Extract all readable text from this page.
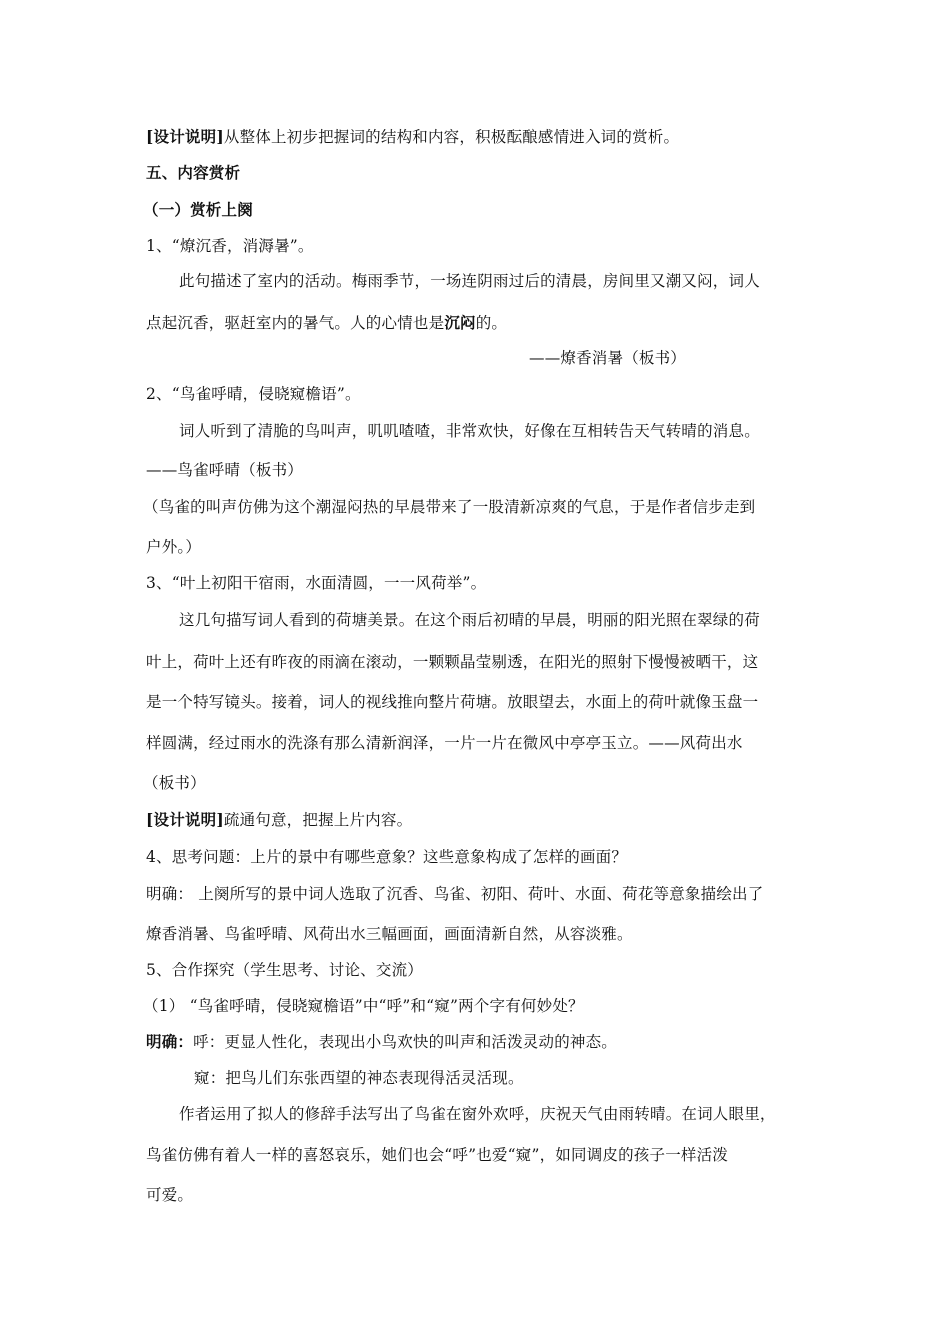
[设计说明]从整体上初步把握词的结构和内容，积极酝酿感情进入词的赏析。
五、内容赏析
（一）赏析上阕
1、“燎沉香，消溽暑”。
此句描述了室内的活动。梅雨季节，一场连阴雨过后的清晨，房间里又潮又闷，词人
点起沉香，驱赶室内的暑气。人的心情也是沉闷的。
——燎香消暑（板书）
2、“鸟雀呼晴，侵晓窥檐语”。
词人听到了清脆的鸟叫声，叽叽喳喳，非常欢快，好像在互相转告天气转晴的消息。
——鸟雀呼晴（板书）
（鸟雀的叫声仿佛为这个潮湿闷热的早晨带来了一股清新凉爽的气息，于是作者信步走到
户外。）
3、“叶上初阳干宿雨，水面清圆，一一风荷举”。
这几句描写词人看到的荷塘美景。在这个雨后初晴的早晨，明丽的阳光照在翠绿的荷
叶上，荷叶上还有昨夜的雨滴在滚动，一颗颗晶莹剔透，在阳光的照射下慢慢被晒干，这
是一个特写镜头。接着，词人的视线推向整片荷塘。放眼望去，水面上的荷叶就像玉盘一
样圆满，经过雨水的洗涤有那么清新润泽，一片一片在微风中亭亭玉立。——风荷出水
（板书）
[设计说明]疏通句意，把握上片内容。
4、思考问题：上片的景中有哪些意象？这些意象构成了怎样的画面？
明确： 上阕所写的景中词人选取了沉香、鸟雀、初阳、荷叶、水面、荷花等意象描绘出了
燎香消暑、鸟雀呼晴、风荷出水三幅画面，画面清新自然，从容淡雅。
5、合作探究（学生思考、讨论、交流）
（1） “鸟雀呼晴，侵晓窥檐语”中“呼”和“窥”两个字有何妙处？
明确：呼：更显人性化，表现出小鸟欢快的叫声和活泼灵动的神态。
窥：把鸟儿们东张西望的神态表现得活灵活现。
作者运用了拟人的修辞手法写出了鸟雀在窗外欢呼，庆祝天气由雨转晴。在词人眼里，
鸟雀仿佛有着人一样的喜怒哀乐，她们也会“呼”也爱“窥”，如同调皮的孩子一样活泼
可爱。
